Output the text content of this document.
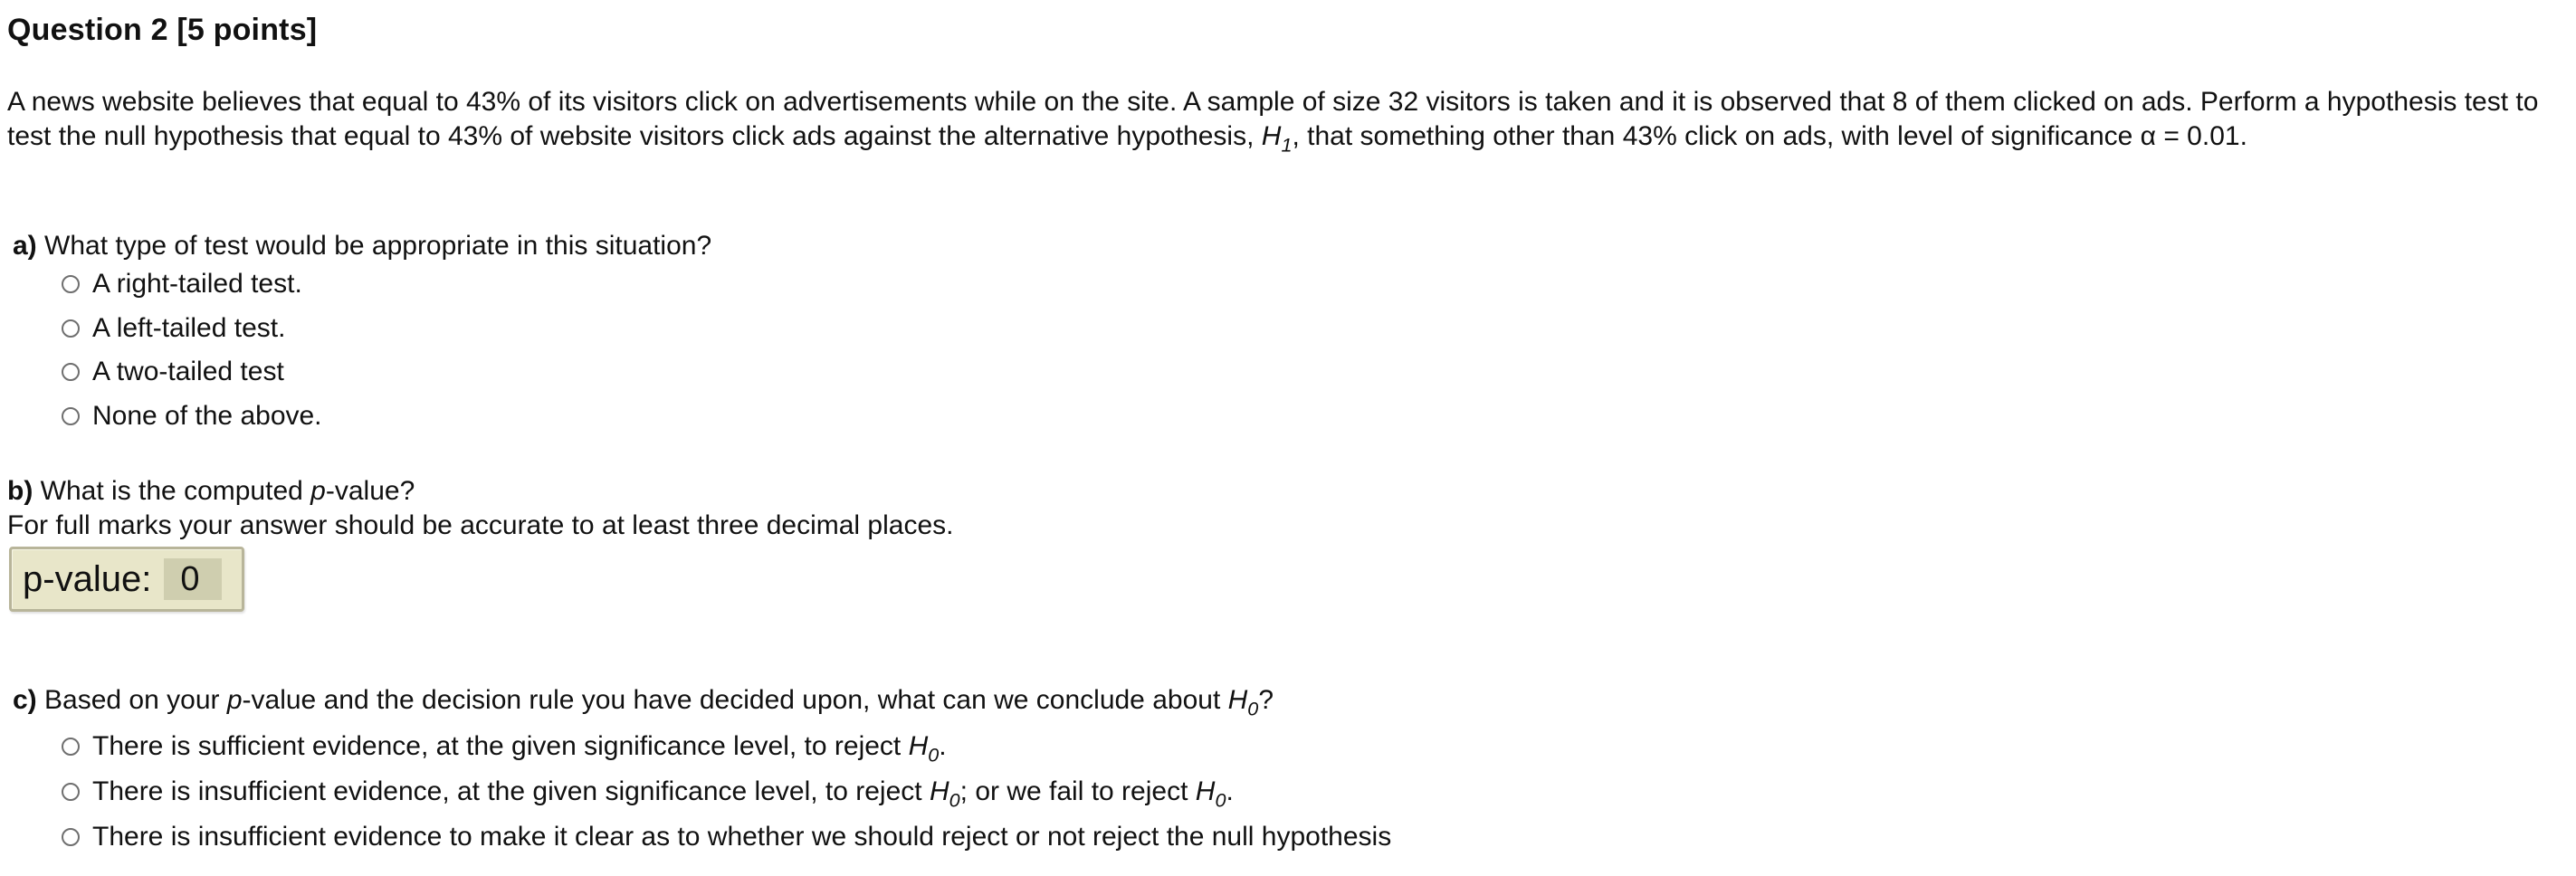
Question 2 [5 points]
A news website believes that equal to 43% of its visitors click on advertisements while on the site. A sample of size 32 visitors is taken and it is observed that 8 of them clicked on ads. Perform a hypothesis test to test the null hypothesis that equal to 43% of website visitors click ads against the alternative hypothesis, $H_1$, that something other than 43% click on ads, with level of significance α = 0.01.
a) What type of test would be appropriate in this situation?
A right-tailed test.
A left-tailed test.
A two-tailed test
None of the above.
b) What is the computed p-value?
For full marks your answer should be accurate to at least three decimal places.
p-value:
0
c) Based on your p-value and the decision rule you have decided upon, what can we conclude about $H_0$?
There is sufficient evidence, at the given significance level, to reject $H_0$.
There is insufficient evidence, at the given significance level, to reject $H_0$; or we fail to reject $H_0$.
There is insufficient evidence to make it clear as to whether we should reject or not reject the null hypothesis
